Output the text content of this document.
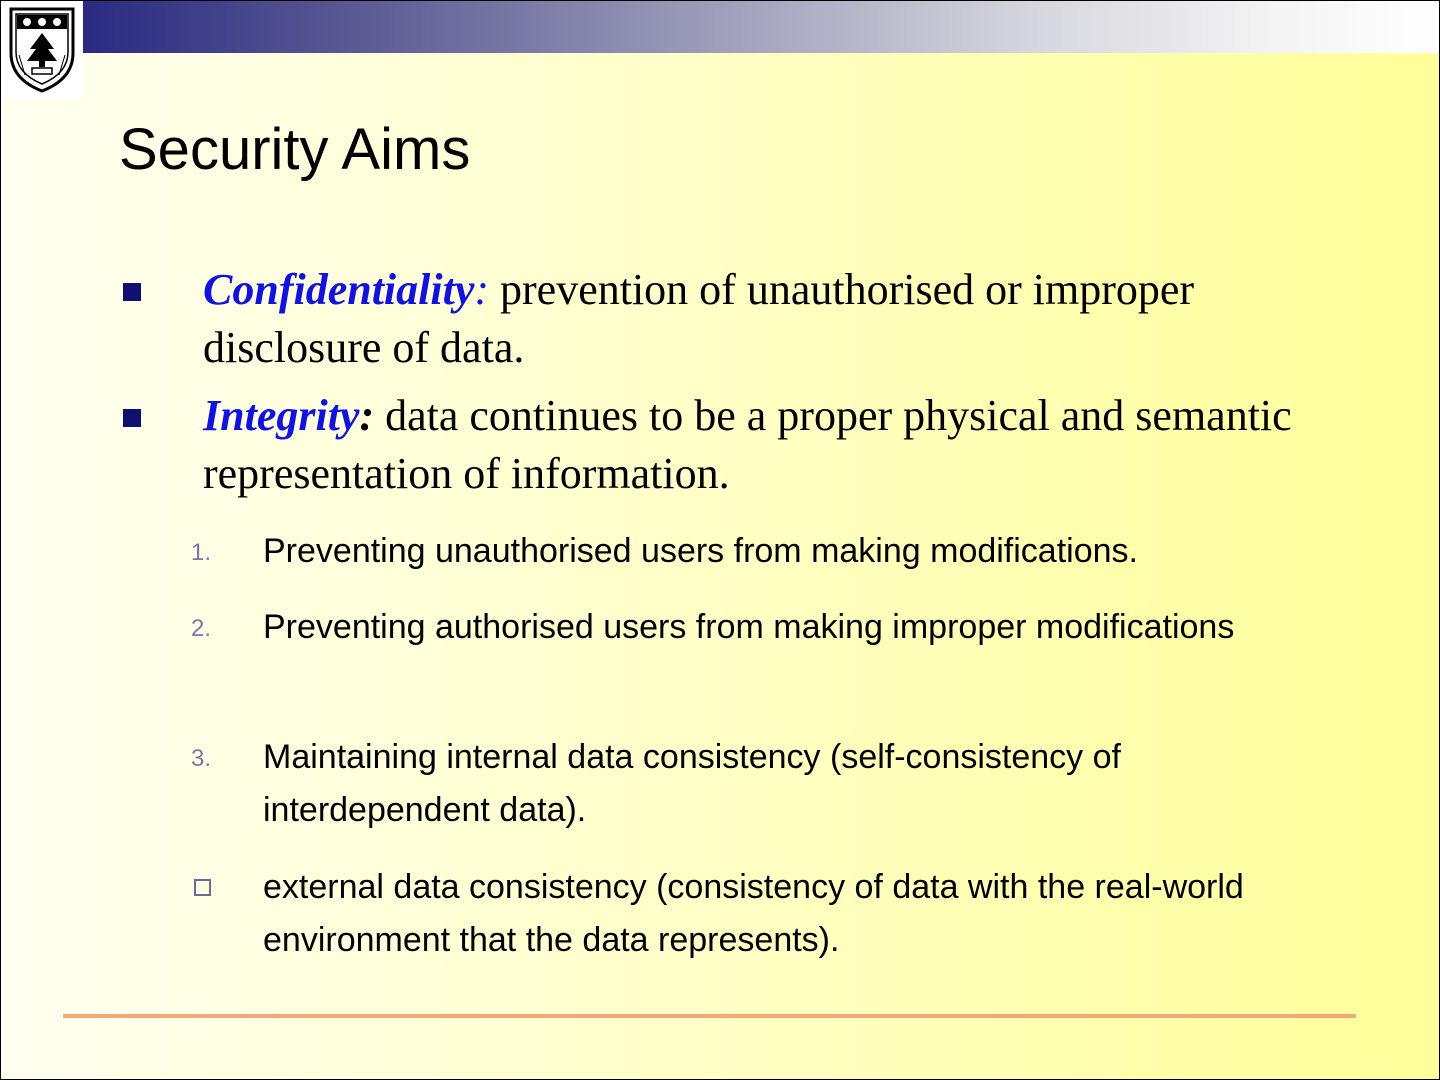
Security Aims

Confidentiality: prevention of unauthorised or improper disclosure of data.

Integrity: data continues to be a proper physical and semantic representation of information.

1. Preventing unauthorised users from making modifications.

2. Preventing authorised users from making improper modifications

3. Maintaining internal data consistency (self-consistency of interdependent data).

external data consistency (consistency of data with the real-world environment that the data represents).
